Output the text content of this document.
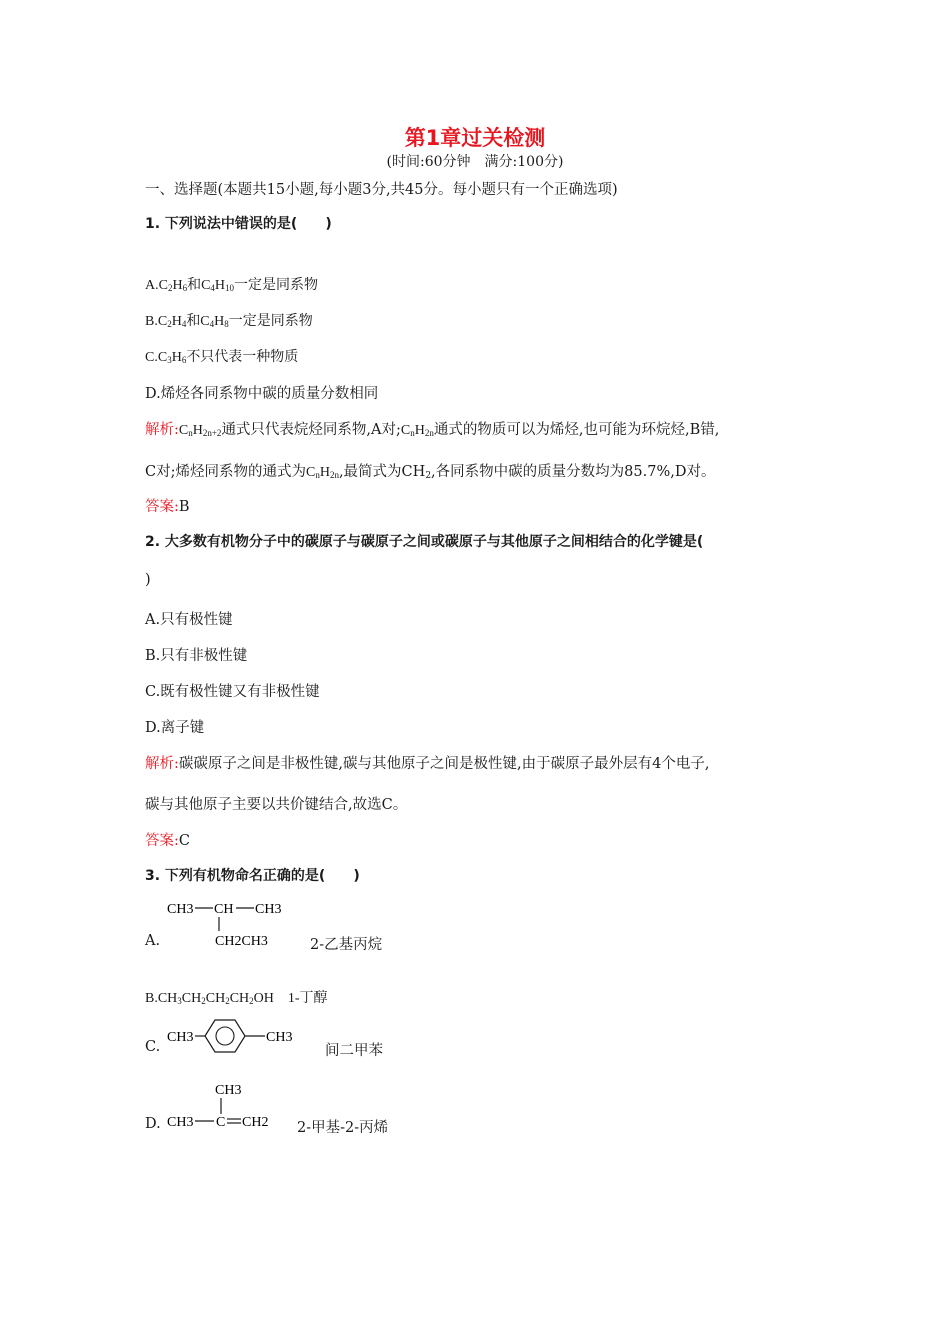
第1章过关检测
(时间:60分钟　满分:100分)
一、选择题(本题共15小题,每小题3分,共45分。每小题只有一个正确选项)
1. 下列说法中错误的是(　　)
$A.C_2H_6$和$C_4H_{10}$一定是同系物
$B.C_2H_4$和$C_4H_8$一定是同系物
$C.C_3H_6$不只代表一种物质
D.烯烃各同系物中碳的质量分数相同
解析$:C_nH_{2n+2}$通式只代表烷烃同系物,A对$;C_nH_{2n}$通式的物质可以为烯烃,也可能为环烷烃,B错,
C对;烯烃同系物的通式为$C_nH_{2n}$,最简式为$CH_2$,各同系物中碳的质量分数均为85.7%,D对。
答案:B
2. 大多数有机物分子中的碳原子与碳原子之间或碳原子与其他原子之间相结合的化学键是(
)
A.只有极性键
B.只有非极性键
C.既有极性键又有非极性键
D.离子键
解析:碳碳原子之间是非极性键,碳与其他原子之间是极性键,由于碳原子最外层有4个电子,
碳与其他原子主要以共价键结合,故选C。
答案:C
3. 下列有机物命名正确的是(　　)
A.
CH3 CH CH3
CH2CH3	2-乙基丙烷
$B.CH_3CH_2CH_2CH_2OH$　1-丁醇
C.
CH3	CH3
间二甲苯
D.
CH3
CH3 C CH2 2-甲基-2-丙烯
